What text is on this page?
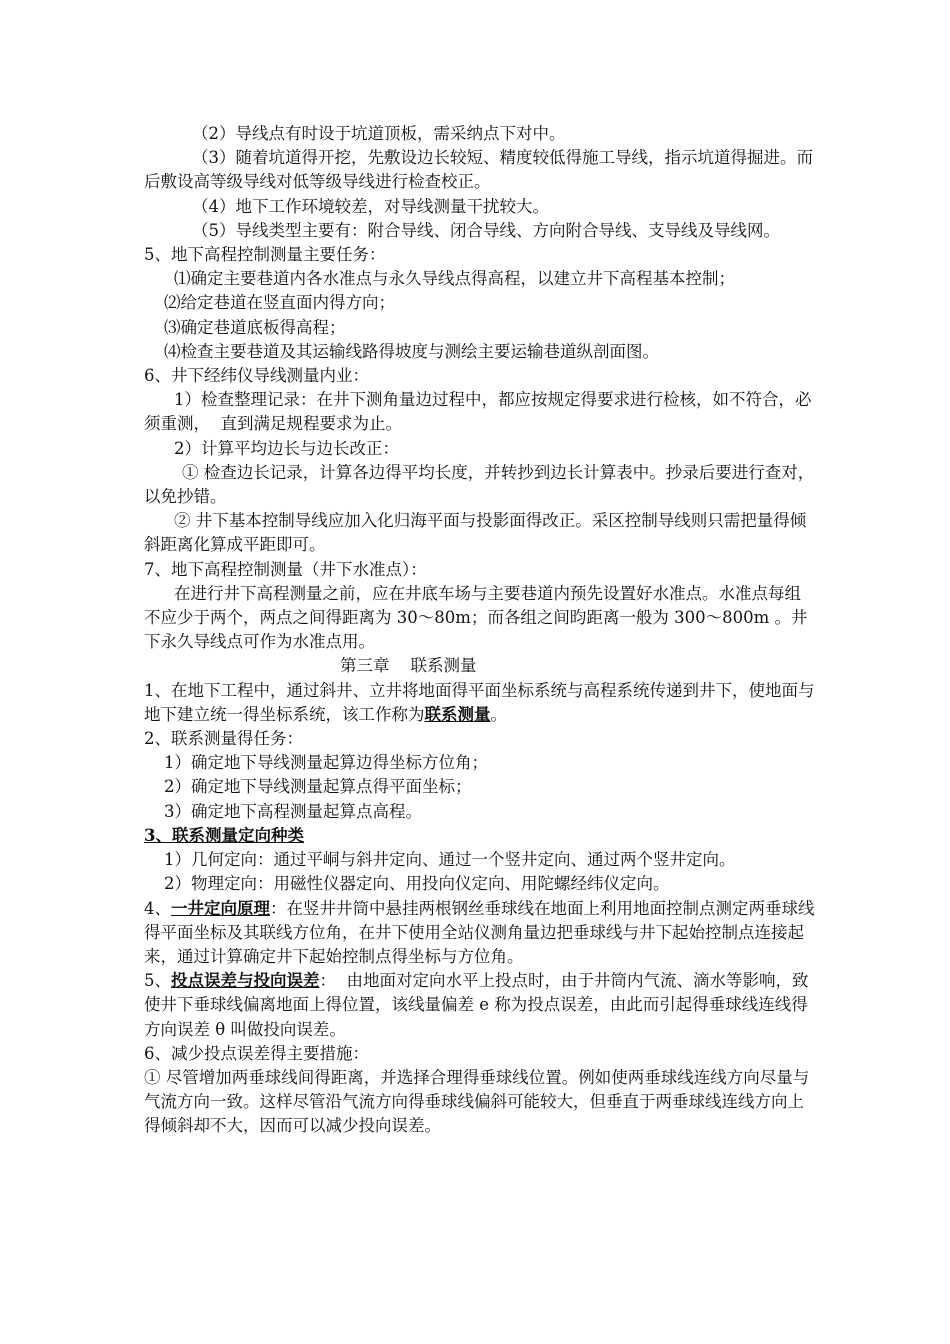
（2）导线点有时设于坑道顶板，需采纳点下对中。

（3）随着坑道得开挖，先敷设边长较短、精度较低得施工导线，指示坑道得掘进。而后敷设高等级导线对低等级导线进行检查校正。

（4）地下工作环境较差，对导线测量干扰较大。

（5）导线类型主要有：附合导线、闭合导线、方向附合导线、支导线及导线网。

5、地下高程控制测量主要任务：

⑴确定主要巷道内各水准点与永久导线点得高程，以建立井下高程基本控制；

⑵给定巷道在竖直面内得方向；

⑶确定巷道底板得高程；

⑷检查主要巷道及其运输线路得坡度与测绘主要运输巷道纵剖面图。

6、井下经纬仪导线测量内业：

1）检查整理记录：在井下测角量边过程中，都应按规定得要求进行检核，如不符合，必须重测，  直到满足规程要求为止。

2）计算平均边长与边长改正：

① 检查边长记录，计算各边得平均长度，并转抄到边长计算表中。抄录后要进行查对，以免抄错。

② 井下基本控制导线应加入化归海平面与投影面得改正。采区控制导线则只需把量得倾斜距离化算成平距即可。

7、地下高程控制测量（井下水准点）：

在进行井下高程测量之前，应在井底车场与主要巷道内预先设置好水准点。水准点每组不应少于两个，两点之间得距离为 30～80m；而各组之间昀距离一般为 300～800m 。井下永久导线点可作为水准点用。

第三章    联系测量

1、在地下工程中，通过斜井、立井将地面得平面坐标系统与高程系统传递到井下，使地面与地下建立统一得坐标系统，该工作称为联系测量。

2、联系测量得任务：

1）确定地下导线测量起算边得坐标方位角；

2）确定地下导线测量起算点得平面坐标；

3）确定地下高程测量起算点高程。

3、联系测量定向种类

1）几何定向：通过平峒与斜井定向、通过一个竖井定向、通过两个竖井定向。

2）物理定向：用磁性仪器定向、用投向仪定向、用陀螺经纬仪定向。

4、一井定向原理：在竖井井筒中悬挂两根钢丝垂球线在地面上利用地面控制点测定两垂球线得平面坐标及其联线方位角，在井下使用全站仪测角量边把垂球线与井下起始控制点连接起来，通过计算确定井下起始控制点得坐标与方位角。

5、投点误差与投向误差：  由地面对定向水平上投点时，由于井筒内气流、滴水等影响，致使井下垂球线偏离地面上得位置，该线量偏差 e 称为投点误差，由此而引起得垂球线连线得方向误差 θ 叫做投向误差。

6、减少投点误差得主要措施：

① 尽管增加两垂球线间得距离，并选择合理得垂球线位置。例如使两垂球线连线方向尽量与气流方向一致。这样尽管沿气流方向得垂球线偏斜可能较大，但垂直于两垂球线连线方向上得倾斜却不大，因而可以减少投向误差。
